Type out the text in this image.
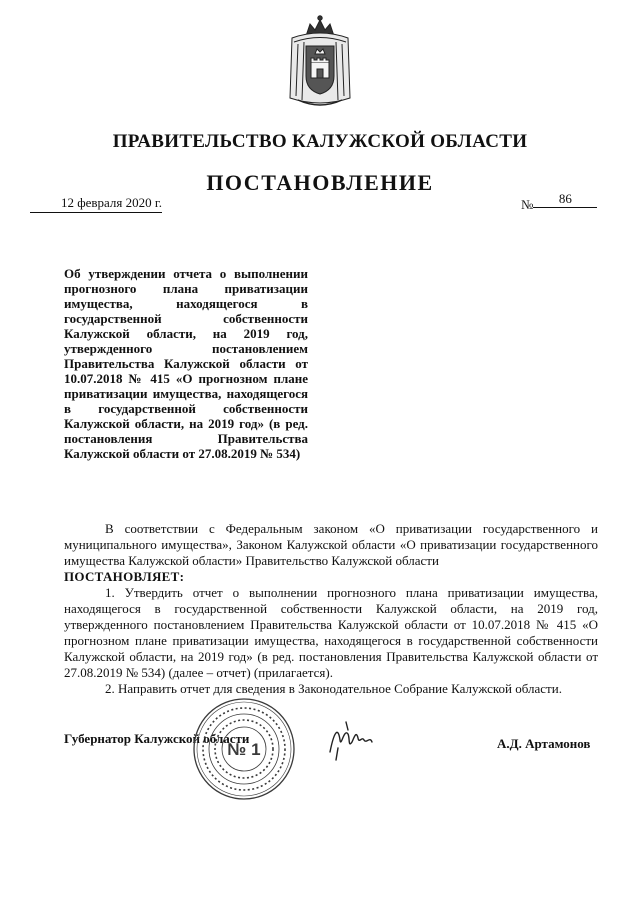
ПРАВИТЕЛЬСТВО КАЛУЖСКОЙ ОБЛАСТИ
ПОСТАНОВЛЕНИЕ
12 февраля 2020 г.	№ 86
Об утверждении отчета о выполнении прогнозного плана приватизации имущества, находящегося в государственной собственности Калужской области, на 2019 год, утвержденного постановлением Правительства Калужской области от 10.07.2018 № 415 «О прогнозном плане приватизации имущества, находящегося в государственной собственности Калужской области, на 2019 год» (в ред. постановления Правительства Калужской области от 27.08.2019 № 534)

В соответствии с Федеральным законом «О приватизации государственного и муниципального имущества», Законом Калужской области «О приватизации государственного имущества Калужской области» Правительство Калужской области

ПОСТАНОВЛЯЕТ:

1. Утвердить отчет о выполнении прогнозного плана приватизации имущества, находящегося в государственной собственности Калужской области, на 2019 год, утвержденного постановлением Правительства Калужской области от 10.07.2018 № 415 «О прогнозном плане приватизации имущества, находящегося в государственной собственности Калужской области, на 2019 год» (в ред. постановления Правительства Калужской области от 27.08.2019 № 534) (далее – отчет) (прилагается).

2. Направить отчет для сведения в Законодательное Собрание Калужской области.

Губернатор Калужской области	А.Д. Артамонов
№ 1
